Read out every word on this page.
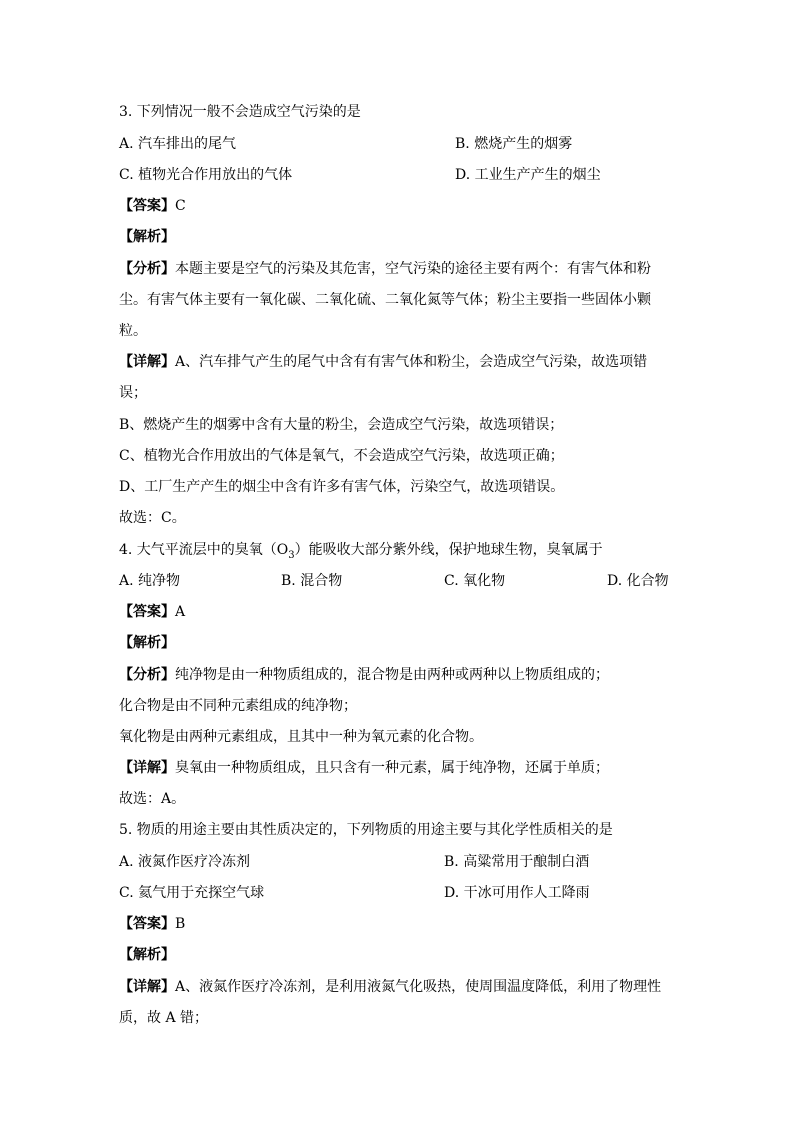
3. 下列情况一般不会造成空气污染的是
A. 汽车排出的尾气	B. 燃烧产生的烟雾
C. 植物光合作用放出的气体	D. 工业生产产生的烟尘
【答案】C
【解析】
【分析】本题主要是空气的污染及其危害，空气污染的途径主要有两个：有害气体和粉
尘。有害气体主要有一氧化碳、二氧化硫、二氧化氮等气体；粉尘主要指一些固体小颗
粒。
【详解】A、汽车排气产生的尾气中含有有害气体和粉尘，会造成空气污染，故选项错
误；
B、燃烧产生的烟雾中含有大量的粉尘，会造成空气污染，故选项错误；
C、植物光合作用放出的气体是氧气，不会造成空气污染，故选项正确；
D、工厂生产产生的烟尘中含有许多有害气体，污染空气，故选项错误。
故选：C。
4. 大气平流层中的臭氧$(O_3)$能吸收大部分紫外线，保护地球生物，臭氧属于
A. 纯净物	B. 混合物	C. 氧化物	D. 化合物
【答案】A
【解析】
【分析】纯净物是由一种物质组成的，混合物是由两种或两种以上物质组成的；
化合物是由不同种元素组成的纯净物；
氧化物是由两种元素组成，且其中一种为氧元素的化合物。
【详解】臭氧由一种物质组成，且只含有一种元素，属于纯净物，还属于单质；
故选：A。
5. 物质的用途主要由其性质决定的，下列物质的用途主要与其化学性质相关的是
A. 液氮作医疗冷冻剂	B. 高粱常用于酿制白酒
C. 氦气用于充探空气球	D. 干冰可用作人工降雨
【答案】B
【解析】
【详解】A、液氮作医疗冷冻剂，是利用液氮气化吸热，使周围温度降低，利用了物理性
质，故 A 错；
